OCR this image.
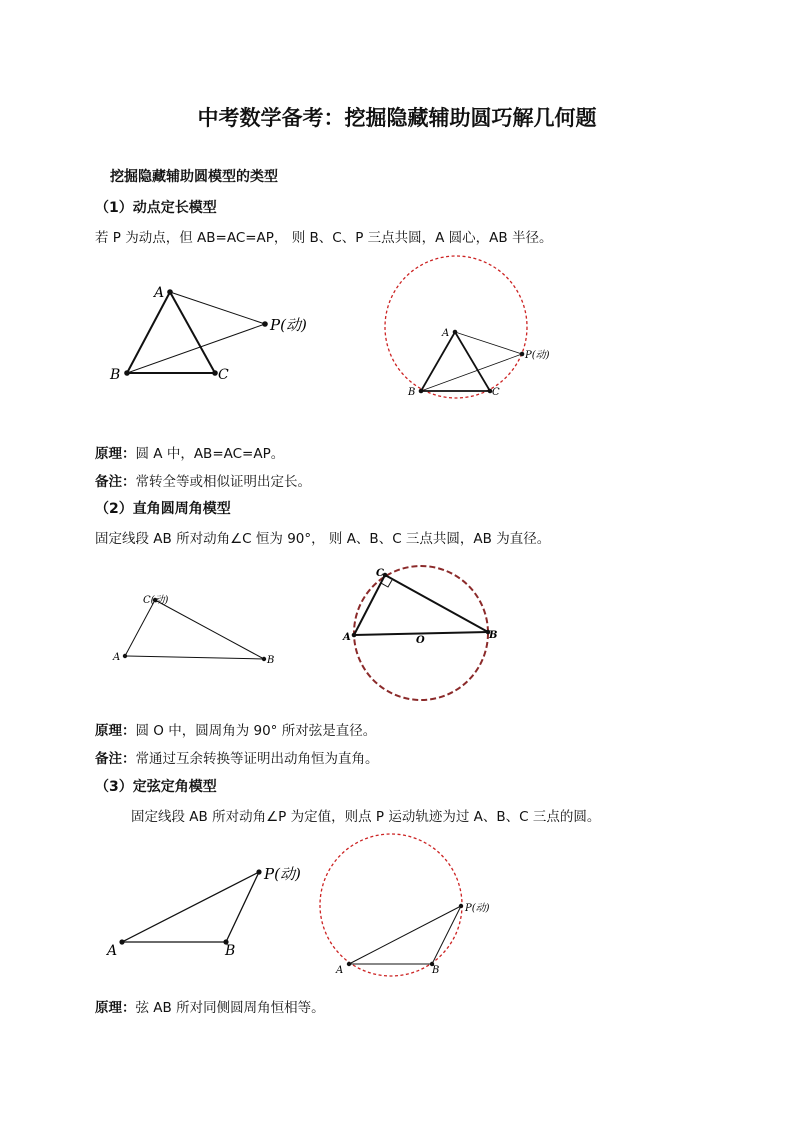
中考数学备考：挖掘隐藏辅助圆巧解几何题
挖掘隐藏辅助圆模型的类型
（1）动点定长模型
若 P 为动点，但 AB=AC=AP， 则 B、C、P 三点共圆，A 圆心，AB 半径。
A
B	C
P(动)	A
B	C
P(动)
原理：圆 A 中，AB=AC=AP。
备注：常转全等或相似证明出定长。
（2）直角圆周角模型
固定线段 AB 所对动角∠C 恒为 90°， 则 A、B、C 三点共圆，AB 为直径。
C(动)
A	B
C
A	B
O
原理：圆 O 中，圆周角为 90° 所对弦是直径。
备注：常通过互余转换等证明出动角恒为直角。
（3）定弦定角模型
固定线段 AB 所对动角∠P 为定值，则点 P 运动轨迹为过 A、B、C 三点的圆。
A	B
P(动)
A	B
P(动)
原理：弦 AB 所对同侧圆周角恒相等。
